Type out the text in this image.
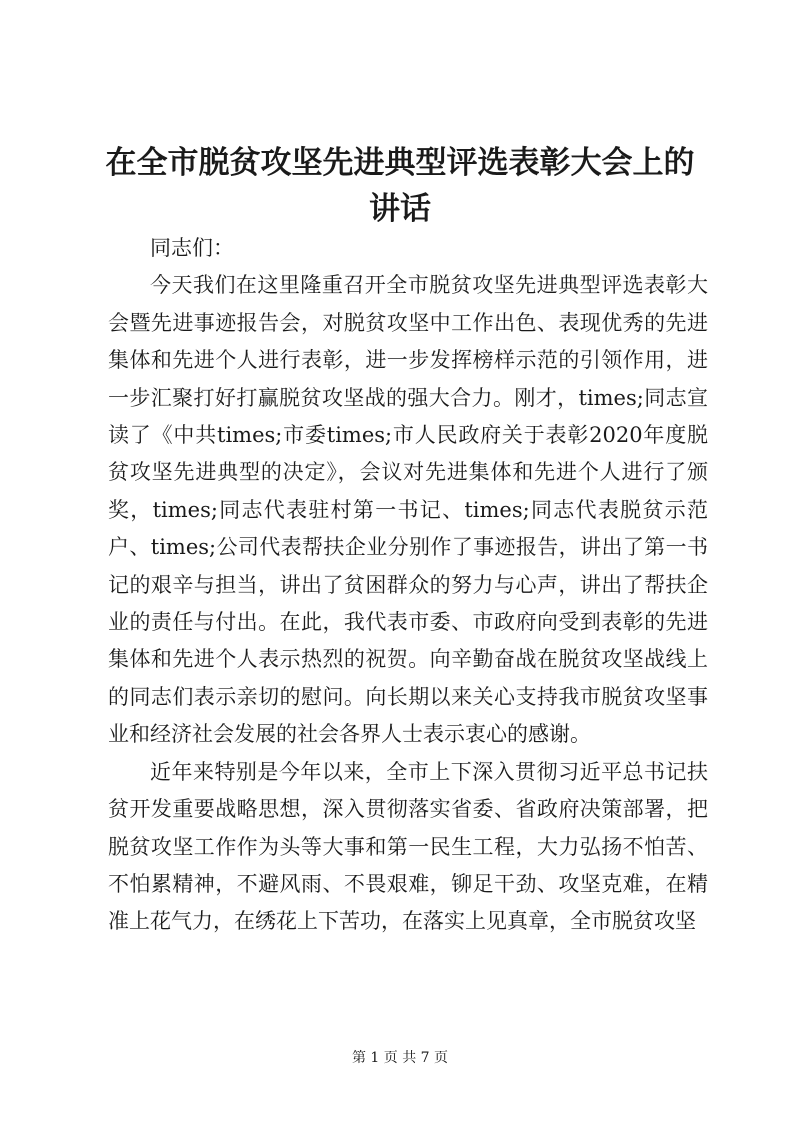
在全市脱贫攻坚先进典型评选表彰大会上的讲话

同志们：

今天我们在这里隆重召开全市脱贫攻坚先进典型评选表彰大会暨先进事迹报告会，对脱贫攻坚中工作出色、表现优秀的先进集体和先进个人进行表彰，进一步发挥榜样示范的引领作用，进一步汇聚打好打赢脱贫攻坚战的强大合力。刚才，times;同志宣读了《中共times;市委times;市人民政府关于表彰2020年度脱贫攻坚先进典型的决定》，会议对先进集体和先进个人进行了颁奖，times;同志代表驻村第一书记、times;同志代表脱贫示范户、times;公司代表帮扶企业分别作了事迹报告，讲出了第一书记的艰辛与担当，讲出了贫困群众的努力与心声，讲出了帮扶企业的责任与付出。在此，我代表市委、市政府向受到表彰的先进集体和先进个人表示热烈的祝贺。向辛勤奋战在脱贫攻坚战线上的同志们表示亲切的慰问。向长期以来关心支持我市脱贫攻坚事业和经济社会发展的社会各界人士表示衷心的感谢。

近年来特别是今年以来，全市上下深入贯彻习近平总书记扶贫开发重要战略思想，深入贯彻落实省委、省政府决策部署，把脱贫攻坚工作作为头等大事和第一民生工程，大力弘扬不怕苦、不怕累精神，不避风雨、不畏艰难，铆足干劲、攻坚克难，在精准上花气力，在绣花上下苦功，在落实上见真章，全市脱贫攻坚

第 1 页 共 7 页
